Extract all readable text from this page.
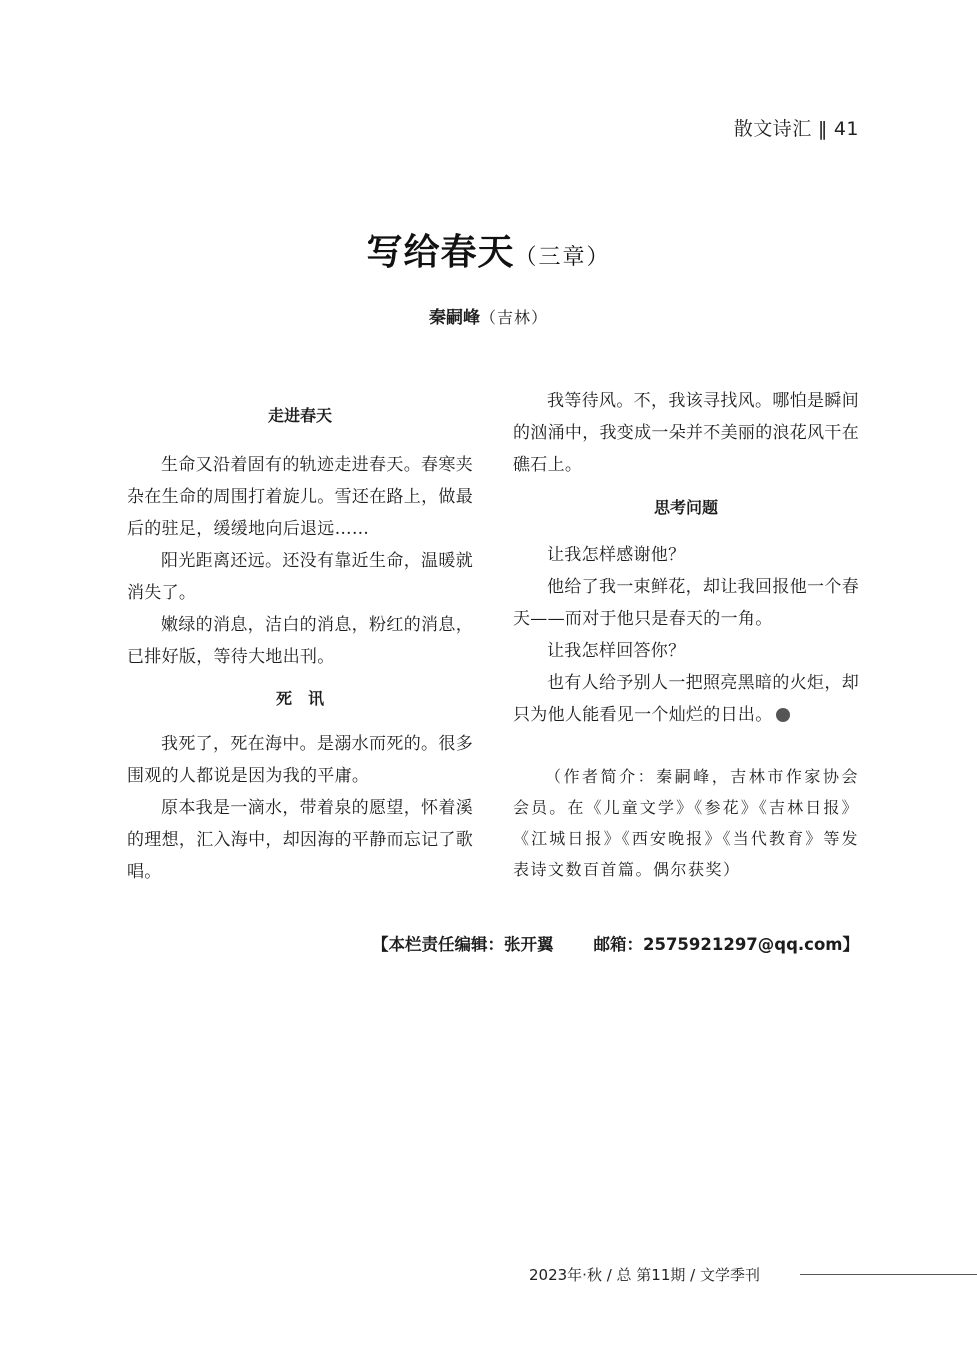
散文诗汇 ‖ 41
写给春天（三章）
秦嗣峰（吉林）
走进春天

生命又沿着固有的轨迹走进春天。春寒夹杂在生命的周围打着旋儿。雪还在路上，做最后的驻足，缓缓地向后退远……

阳光距离还远。还没有靠近生命，温暖就消失了。

嫩绿的消息，洁白的消息，粉红的消息，已排好版，等待大地出刊。

死　讯

我死了，死在海中。是溺水而死的。很多围观的人都说是因为我的平庸。

原本我是一滴水，带着泉的愿望，怀着溪的理想，汇入海中，却因海的平静而忘记了歌唱。

我等待风。不，我该寻找风。哪怕是瞬间的汹涌中，我变成一朵并不美丽的浪花风干在礁石上。

思考问题

让我怎样感谢他？

他给了我一束鲜花，却让我回报他一个春天——而对于他只是春天的一角。

让我怎样回答你？

也有人给予别人一把照亮黑暗的火炬，却只为他人能看见一个灿烂的日出。

（作者简介：秦嗣峰，吉林市作家协会会员。在《儿童文学》《参花》《吉林日报》《江城日报》《西安晚报》《当代教育》等发表诗文数百首篇。偶尔获奖）

【本栏责任编辑：张开翼 邮箱：2575921297@qq.com】
2023年·秋 / 总 第11期 / 文学季刊
